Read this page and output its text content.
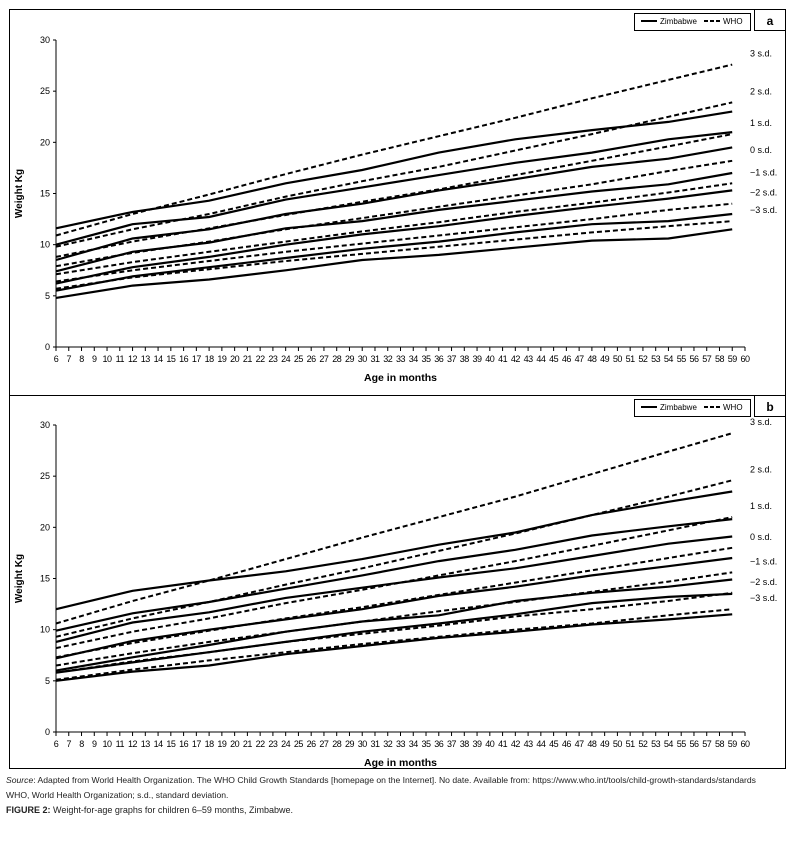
a
Zimbabwe	WHO
0
5
10
15
20
25
30
6 7 8 9 10 11 12 13 14 15 16 17 18 19 20 21 22 23 24 25 26 27 28 29 30 31 32 33 34 35 36 37 38 39 40 41 42 43 44 45 46 47 48 49 50 51 52 53 54 55 56 57 58 59 60
Age in months
Weight Kg
3 s.d.
2 s.d.
1 s.d.
0 s.d.
−1 s.d.
−2 s.d.
−3 s.d.
b
Zimbabwe	WHO
0
5
10
15
20
25
30
6 7 8 9 10 11 12 13 14 15 16 17 18 19 20 21 22 23 24 25 26 27 28 29 30 31 32 33 34 35 36 37 38 39 40 41 42 43 44 45 46 47 48 49 50 51 52 53 54 55 56 57 58 59 60
Age in months
Weight Kg
3 s.d.
2 s.d.
1 s.d.
0 s.d.
−1 s.d.
−2 s.d.
−3 s.d.

Source: Adapted from World Health Organization. The WHO Child Growth Standards [homepage on the Internet]. No date. Available from: https://www.who.int/tools/child-growth-standards/standards

WHO, World Health Organization; s.d., standard deviation.

FIGURE 2: Weight-for-age graphs for children 6–59 months, Zimbabwe.
